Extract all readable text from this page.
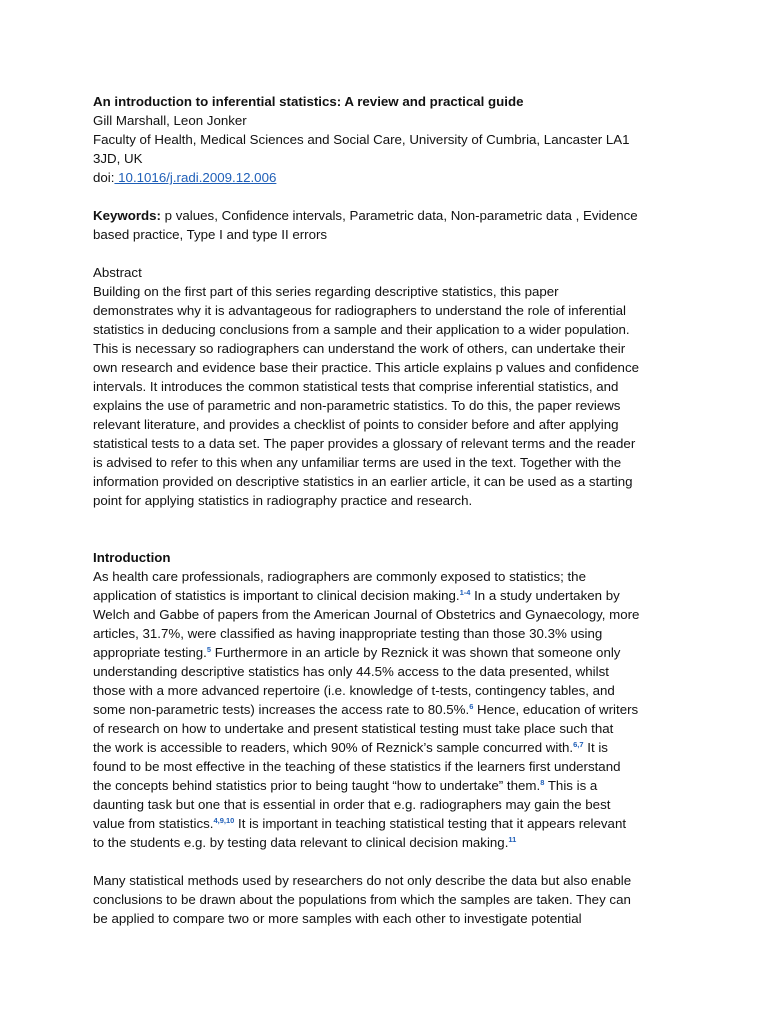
An introduction to inferential statistics: A review and practical guide
Gill Marshall, Leon Jonker
Faculty of Health, Medical Sciences and Social Care, University of Cumbria, Lancaster LA1
3JD, UK
doi: 10.1016/j.radi.2009.12.006
Keywords: p values, Confidence intervals, Parametric data, Non-parametric data , Evidence
based practice, Type I and type II errors
Abstract
Building on the first part of this series regarding descriptive statistics, this paper
demonstrates why it is advantageous for radiographers to understand the role of inferential
statistics in deducing conclusions from a sample and their application to a wider population.
This is necessary so radiographers can understand the work of others, can undertake their
own research and evidence base their practice. This article explains p values and confidence
intervals. It introduces the common statistical tests that comprise inferential statistics, and
explains the use of parametric and non-parametric statistics. To do this, the paper reviews
relevant literature, and provides a checklist of points to consider before and after applying
statistical tests to a data set. The paper provides a glossary of relevant terms and the reader
is advised to refer to this when any unfamiliar terms are used in the text. Together with the
information provided on descriptive statistics in an earlier article, it can be used as a starting
point for applying statistics in radiography practice and research.
Introduction
As health care professionals, radiographers are commonly exposed to statistics; the
application of statistics is important to clinical decision making.$^{1-4}$ In a study undertaken by
Welch and Gabbe of papers from the American Journal of Obstetrics and Gynaecology, more
articles, 31.7%, were classified as having inappropriate testing than those 30.3% using
appropriate testing.$^5$ Furthermore in an article by Reznick it was shown that someone only
understanding descriptive statistics has only 44.5% access to the data presented, whilst
those with a more advanced repertoire (i.e. knowledge of t-tests, contingency tables, and
some non-parametric tests) increases the access rate to 80.5%.$^6$ Hence, education of writers
of research on how to undertake and present statistical testing must take place such that
the work is accessible to readers, which 90% of Reznick’s sample concurred with.$^{6,7}$ It is
found to be most effective in the teaching of these statistics if the learners first understand
the concepts behind statistics prior to being taught “how to undertake” them.$^8$ This is a
daunting task but one that is essential in order that e.g. radiographers may gain the best
value from statistics.$^{4,9,10}$ It is important in teaching statistical testing that it appears relevant
to the students e.g. by testing data relevant to clinical decision making.$^{11}$
Many statistical methods used by researchers do not only describe the data but also enable
conclusions to be drawn about the populations from which the samples are taken. They can
be applied to compare two or more samples with each other to investigate potential
